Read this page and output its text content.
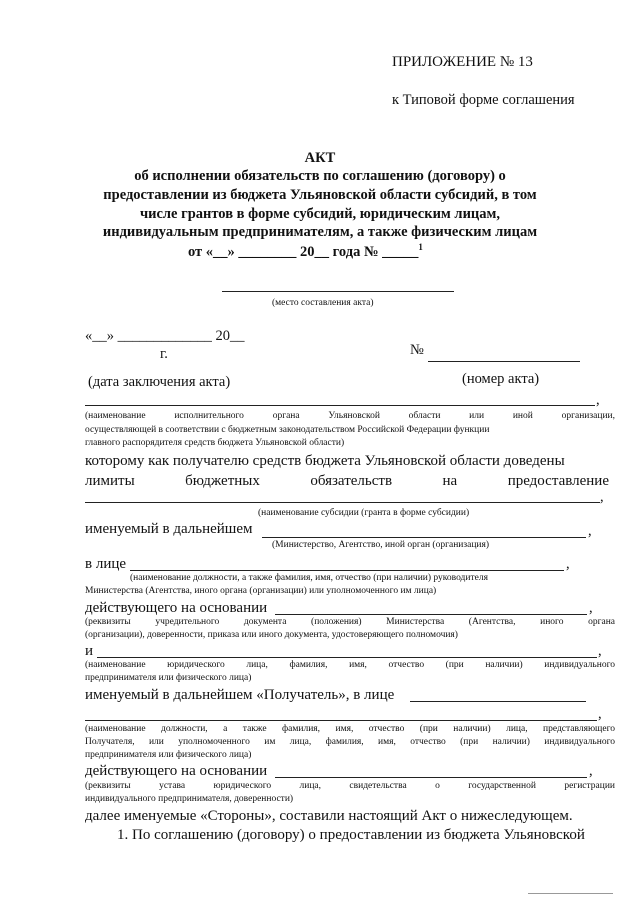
ПРИЛОЖЕНИЕ № 13
к Типовой форме соглашения
АКТ
об исполнении обязательств по соглашению (договору) о
предоставлении из бюджета Ульяновской области субсидий, в том
числе грантов в форме субсидий, юридическим лицам,
индивидуальным предпринимателям, а также физическим лицам
от «__» ________ 20__ года № _____$^1$
(место составления акта)
«__» _____________ 20__
г.	№
(дата заключения акта)	(номер акта)
,
(наименование исполнительного органа Ульяновской области или иной организации,
осуществляющей в соответствии с бюджетным законодательством Российской Федерации функции
главного распорядителя средств бюджета Ульяновской области)
которому как получателю средств бюджета Ульяновской области доведены
лимиты	бюджетных	обязательств	на	предоставление
,
(наименование субсидии (гранта в форме субсидии)
именуемый в дальнейшем	,
(Министерство, Агентство, иной орган (организация)
в лице	,
(наименование должности, а также фамилия, имя, отчество (при наличии) руководителя
Министерства (Агентства, иного органа (организации) или уполномоченного им лица)
действующего на основании	,
(реквизиты учредительного документа (положения) Министерства (Агентства, иного органа
(организации), доверенности, приказа или иного документа, удостоверяющего полномочия)
и	,
(наименование юридического лица, фамилия, имя, отчество (при наличии) индивидуального
предпринимателя или физического лица)
именуемый в дальнейшем «Получатель», в лице
,
(наименование должности, а также фамилия, имя, отчество (при наличии) лица, представляющего
Получателя, или уполномоченного им лица, фамилия, имя, отчество (при наличии) индивидуального
предпринимателя или физического лица)
действующего на основании	,
(реквизиты устава юридического лица, свидетельства о государственной регистрации
индивидуального предпринимателя, доверенности)
далее именуемые «Стороны», составили настоящий Акт о нижеследующем.
1. По соглашению (договору) о предоставлении из бюджета Ульяновской
